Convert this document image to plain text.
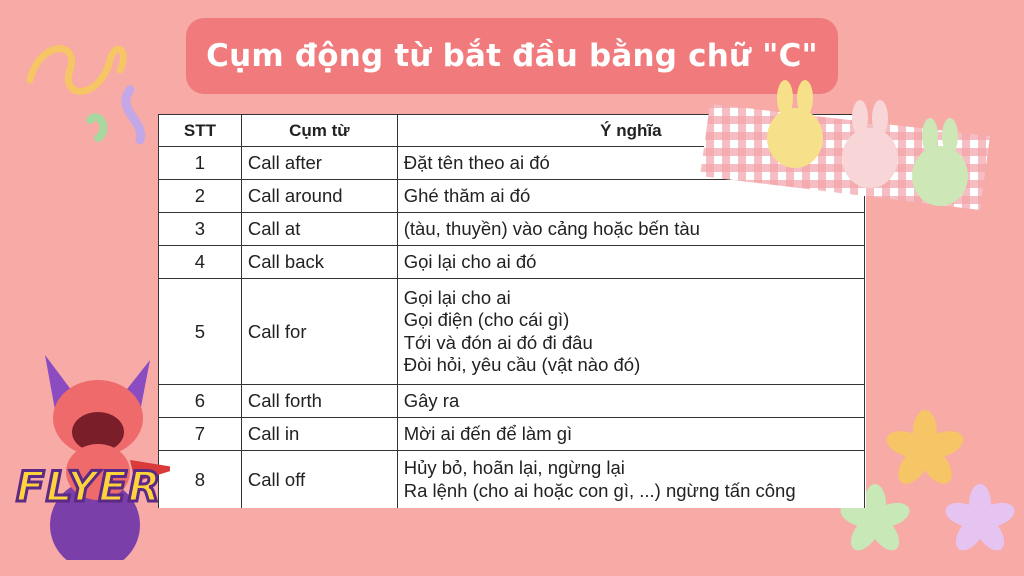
Cụm động từ bắt đầu bằng chữ "C"
STT	Cụm từ	Ý nghĩa
1	Call after	Đặt tên theo ai đó

2	Call around	Ghé thăm ai đó

3	Call at	(tàu, thuyền) vào cảng hoặc bến tàu

4	Call back	Gọi lại cho ai đó

5	Call for	Gọi lại cho ai
Gọi điện (cho cái gì)
Tới và đón ai đó đi đâu
Đòi hỏi, yêu cầu (vật nào đó)

6	Call forth	Gây ra

7	Call in	Mời ai đến để làm gì

8	Call off	Hủy bỏ, hoãn lại, ngừng lại
Ra lệnh (cho ai hoặc con gì, ...) ngừng tấn công
FLYER
